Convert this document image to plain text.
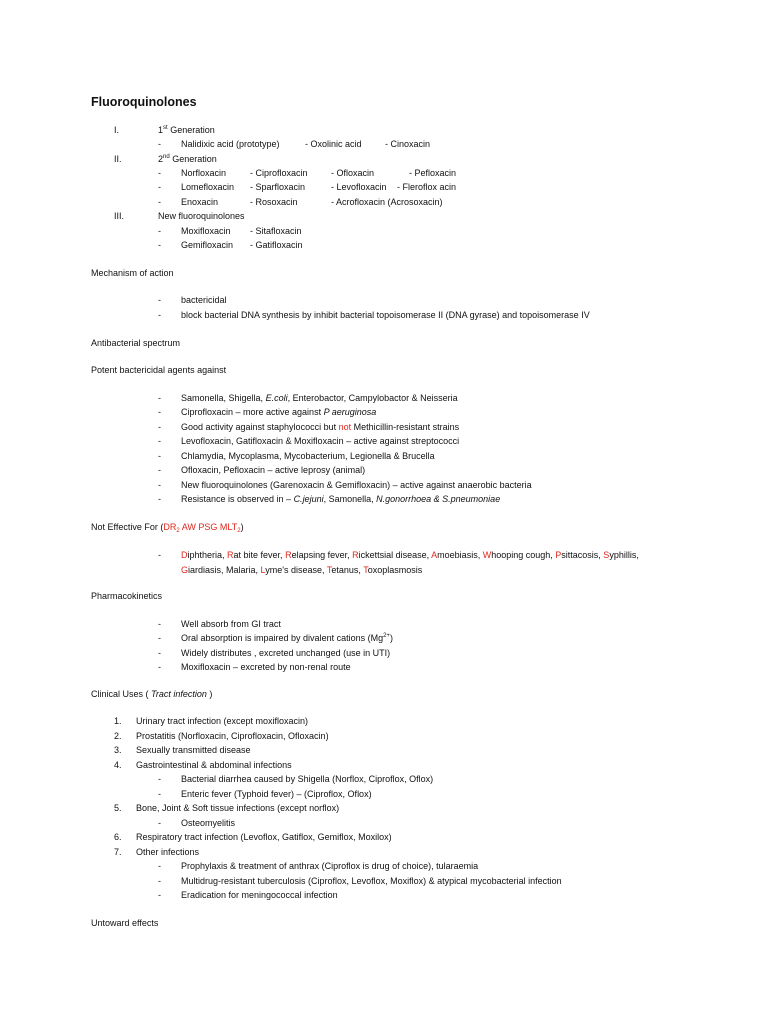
Fluoroquinolones
I.	1st Generation
- Nalidixic acid (prototype)	- Oxolinic acid	- Cinoxacin
II.	2nd Generation
- Norfloxacin	- Ciprofloxacin	- Ofloxacin	- Pefloxacin
- Lomefloxacin - Sparfloxacin	- Levofloxacin - Fleroflox acin
- Enoxacin	- Rosoxacin	- Acrofloxacin (Acrosoxacin)
III.	New fluoroquinolones
- Moxifloxacin - Sitafloxacin
- Gemifloxacin - Gatifloxacin
Mechanism of action
- bactericidal
- block bacterial DNA synthesis by inhibit bacterial topoisomerase II (DNA gyrase) and topoisomerase IV
Antibacterial spectrum
Potent bactericidal agents against
- Samonella, Shigella, E.coli, Enterobactor, Campylobactor & Neisseria
- Ciprofloxacin – more active against P aeruginosa
- Good activity against staphylococci but not Methicillin-resistant strains
- Levofloxacin, Gatifloxacin & Moxifloxacin – active against streptococci
- Chlamydia, Mycoplasma, Mycobacterium, Legionella & Brucella
- Ofloxacin, Pefloxacin – active leprosy (animal)
- New fluoroquinolones (Garenoxacin & Gemifloxacin) – active against anaerobic bacteria
- Resistance is observed in – C.jejuni, Samonella, N.gonorrhoea & S.pneumoniae
Not Effective For ($DR_2$ AW PSG $MLT_2$)
- Diphtheria, Rat bite fever, Relapsing fever, Rickettsial disease, Amoebiasis, Whooping cough, Psittacosis, Syphillis,
Giardiasis, Malaria, Lyme's disease, Tetanus, Toxoplasmosis
Pharmacokinetics
- Well absorb from GI tract
- Oral absorption is impaired by divalent cations $(Mg^{2+})$
- Widely distributes , excreted unchanged (use in UTI)
- Moxifloxacin – excreted by non-renal route
Clinical Uses ( Tract infection )
1. Urinary tract infection (except moxifloxacin)
2. Prostatitis (Norfloxacin, Ciprofloxacin, Ofloxacin)
3. Sexually transmitted disease
4. Gastrointestinal & abdominal infections
- Bacterial diarrhea caused by Shigella (Norflox, Ciproflox, Oflox)
- Enteric fever (Typhoid fever) – (Ciproflox, Oflox)
5. Bone, Joint & Soft tissue infections (except norflox)
- Osteomyelitis
6. Respiratory tract infection (Levoflox, Gatiflox, Gemiflox, Moxilox)
7. Other infections
- Prophylaxis & treatment of anthrax (Ciproflox is drug of choice), tularaemia
- Multidrug-resistant tuberculosis (Ciproflox, Levoflox, Moxiflox) & atypical mycobacterial infection
- Eradication for meningococcal infection
Untoward effects
